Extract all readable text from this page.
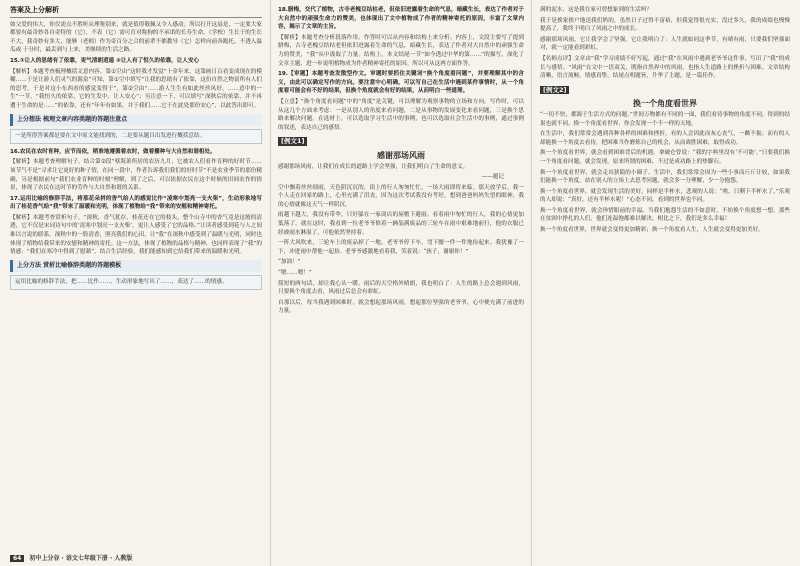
答案及上分解析

如父爱的伟大，你仅需点不胜听从理鉴别来，就是值得敬佩又令人感动。所以打开这扇是，一定要大家都要有最奇妙各自奇特的（它），不表（它）需可育对称狗的不承诺的长寿生命，（学校）生长于的生长不大，我奇妙有多大，能够（老师）作为奇百分之合的前辈不都教导（它）怎样向前奔跑托，不透入温瓜或 于分时，最丢到与上来，美继续的生活之路。

15.①让人的思绪有了依靠，更气清朗逍遥 ②让人有了恒久的依靠，让人安心

【解析】本题考查梳理概括文意内容。第①空由“这时我才发觉”十金年来，这第画日百看变成现在的模糊……于是让游人们灵气的源泉”可知，第①空中填写“让我的思绪有了依靠，这份自然之物富所有人们的思考，于是对这小东西看的感觉变得于”，第②空由“……游人生生有如此丝丝风好，……意中的一生”一节，“我恒久的依靠，它的生发中，让人安心”；另注意一下，可以填写“深秋后的依靠，并不再遭于生命的是……”的依靠，还有“年年有如果，并于我们……它于在此处那份安心”，以此答出即可。

上分想法 梳理文章内容类题的答题注意点
一是所得答案都是要在文中原文能找到的，二是要从题目出发进行概括总结。

16.农民在农时育种，应节而依，稍准地遵循着农时，做着播种与大自然和谐相处。

【解析】本题考查理解句子。结合第②段“蔡海萧所居的农历九月，它被农人们看作育种的好时节……该节气不是”寻求让它更好的种子情，在同一段中，作者告诉我们我们的好时节”不是农业季节的那份精确，另是根据前句“我们农业育种的时刻”理解，到了之后，可以依据农民在这个时候的田间农作的情景，体现了农民在这时节的劳作与大自然和谐的关系。

17.运用比喻的修辞手法，将那花朵拼的香气给人的感觉比作“凌寒中划亮一支火柴”，生动形象地写出了桂花香气给“我”带来了温暖和光明，体现了植物给“我”带来的安慰和精神寄托。

【解析】本题考查赏析句子。“深秋，香气犹存，桂花还在它的枝头，整个山寺中的香气竟是这般的清透，它不仅是宋词诗句中的‘凌寒中划亮一支火柴’，更让人感受了它的品格。”让读者感受到花与人之间难以言说的联系，深秋中的一股清香，照亮我们的心田，让“我”在深秋中感受到了温暖与光明，同时也体现了植物给我带来的安慰和精神的寄托。这一方法，体现了植物的品格与精神，也同样表现了“我”的情感：“我们在寒冷中得到了慰藉”，结合生活经验，我们能感知到它给我们带来的温暖和光明。

上分方法 赏析比喻修辞类题的答题模板
运用比喻的修辞手法，把……比作……，生动形象地写出了……，表达了……的情感。
64 初中上分谷 · 语文七年级下册 · 人教版

18.腊梅，交代了植物，古寺老槐豆结枯老，但依旧迸露着生命的气息，暗藏生长，表达了作者对于大自然中的顽强生命力的赞美，也体现出了文中植物成了作者的精神寄托的原因，丰富了文章内容，揭示了文章的主旨。

【解析】本题考查分析段落作用。作答时可以从内容和结构上来分析。内容上，文段主要写了提到腊梅，古寺老槐豆结枯老但依旧迸露着生命的气息，暗藏生长，表达了作者对大自然中的顽强生命力的赞美，“我”从中汲取了力量。结构上，本文结尾一节“如今透过中华的第……”的描写，深化了文章主题，进一步说明植物成为作者精神寄托的原因。所以可从这两方面作答。

19.【审题】本题考查发散型作文。审题时要抓住关键词“换个角度看问题”，并要理解其中的含义，由此可以确定写作的方向。要注意中心明确，可以写自己在生活中遇到某件事情时，从一个角度看可能会有不好的结果，但换个角度就会有好的结果，从而明白一些道理。

【立意】“换个角度看问题”中的“角度”是关键，可以理解为观察事物的立场和方向。写作时，可以从这几个方面来考虑：一是从别人的角度来看问题，二是从事物的发展变化来看问题，三是换个思路来解决问题。在选材上，可以选取学习生活中的事例，也可以选取社会生活中的事例，通过事例的叙述，表达自己的感悟。

[例文1]
感谢那场风雨

感谢那场风雨，让我们在成长的道路上学会坚强，让我们明白了生命的意义。

——题记

空中飘着丝丝细雨，天色阴沉沉的，街上的行人匆匆忙忙，一场大雨即将来临。那天放学后，我一个人走在回家的路上，心里充满了沮丧，因为这次考试我没有考好，想到爸爸妈妈失望的眼神，我的心情就像这天气一样阴沉。

雨越下越大，我没有带伞，只好躲在一家商店的屋檐下避雨。看着雨中匆忙的行人，我的心情更加低落了。就在这时，我看到一位老爷爷推着一辆装满废品的三轮车在雨中艰难地前行，他的衣服已经被雨水淋湿了，可他依然坚持着。

一阵大风吹来，三轮车上的废品掉了一地。老爷爷停下车，弯下腰一件一件地捡起来。我犹豫了一下，冲进雨中帮他一起捡。老爷爷感激地看着我，笑着说：“孩子，谢谢你！”

“加油！”

“嗯……嗯！”

简短的两句话，却让我心头一暖。雨后的天空格外晴朗，我也明白了：人生的路上总会遇到风雨，只要换个角度去看，风雨过后总会有彩虹。

自那以后，每当我遇到困难时，就会想起那场风雨，想起那位坚强的老爷爷，心中便充满了前进的力量。

满的泥水，这是我在家可曾想象到的生活吗？

我于是挨家挨户地送我们奶的，虽然日子过得不富裕，但我觉得很充实，没过多久，我的成绩也慢慢提高了，我终于明白了风雨之中的成长。

感谢那场风雨，它让我学会了坚强，它让我明白了：人生就如同这季节，有晴有雨，只要我们坚强面对，就一定能看到彩虹。

【名师点评】文章由“我”学习成绩不好写起，通过“我”在风雨中遇到老爷爷这件事，写出了“我”的成长与感悟。“风雨”在文中一语双关，既指自然界中的风雨，也指人生道路上的挫折与困难。文章结构清晰，语言流畅，情感真挚，结尾点明题旨，升华了主题，是一篇佳作。

[例文2]
换一个角度看世界

“一切不快，都源于生活方式的问题。”世间万物都有不同的一面，我们看待事物的角度不同，得到的结果也就不同。换一个角度看世界，你会发现一个不一样的天地。

在生活中，我们常常会遇到各种各样的困难和挫折，有的人会因此而灰心丧气，一蹶不振；而有的人却能换一个角度去看待，把困难当作磨炼自己的机会，从而战胜困难，取得成功。

换一个角度看世界，就会看到困难背后的机遇。拿破仑曾说：“我的字典里没有‘不可能’。”只要我们换一个角度看问题，就会发现，原来所谓的困难，不过是成功路上的垫脚石。

换一个角度看世界，就会走出狭隘的小圈子。生活中，我们常常会因为一些小事而斤斤计较，如果我们能换一个角度，站在别人的立场上去思考问题，就会多一分理解，少一分抱怨。

换一个角度看世界，就会发现生活的美好。同样是半杯水，悲观的人说：“唉，只剩下半杯水了。”乐观的人却说：“真好，还有半杯水呢！”心态不同，看到的世界也不同。

换一个角度看世界，就会珍惜眼前的幸福。当我们抱怨生活的不如意时，不妨换个角度想一想，那些在贫困中挣扎的人们，他们连温饱都难以解决。相比之下，我们是多么幸福！

换一个角度看世界，世界就会变得更加精彩；换一个角度看人生，人生就会变得更加美好。
